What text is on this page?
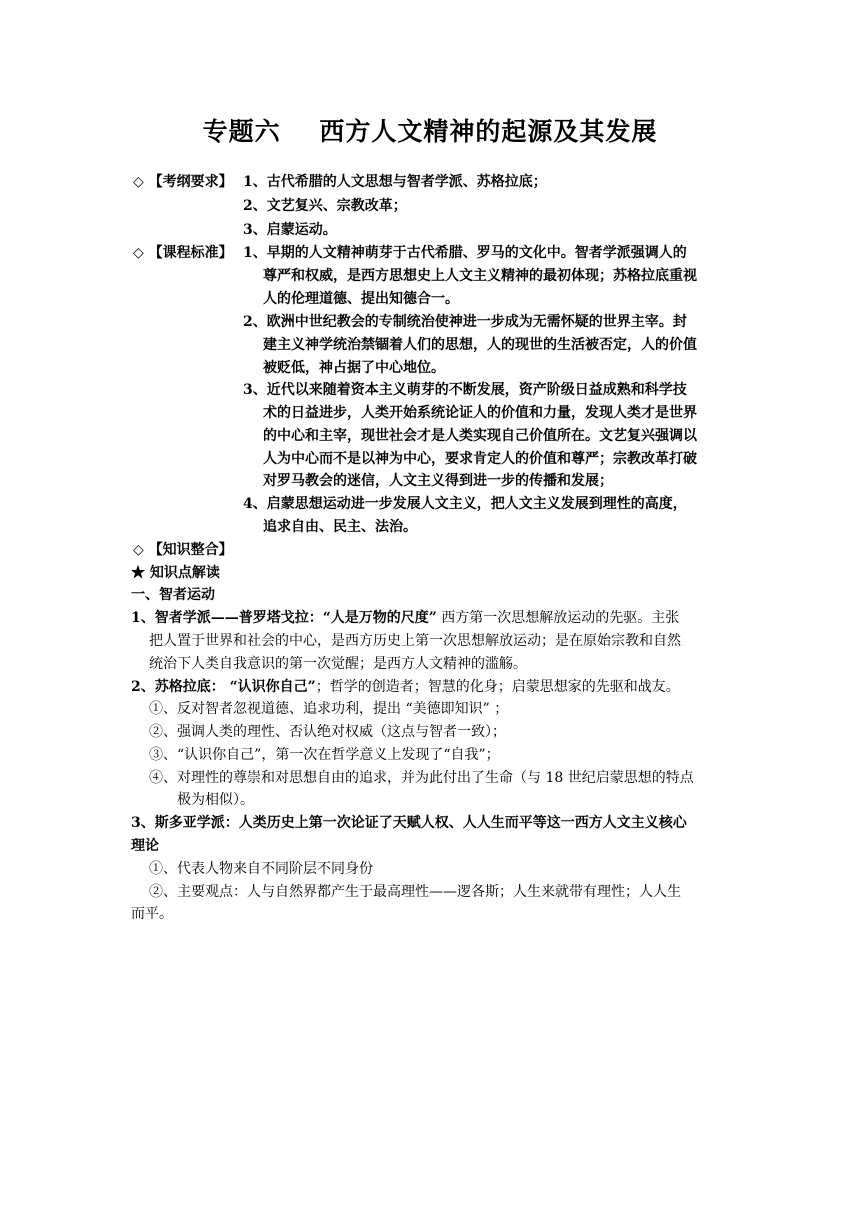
专题六    西方人文精神的起源及其发展
◇ 【考纲要求】 1、古代希腊的人文思想与智者学派、苏格拉底；
2、文艺复兴、宗教改革；
3、启蒙运动。
◇ 【课程标准】 1、早期的人文精神萌芽于古代希腊、罗马的文化中。智者学派强调人的
尊严和权威，是西方思想史上人文主义精神的最初体现；苏格拉底重视
人的伦理道德、提出知德合一。
2、欧洲中世纪教会的专制统治使神进一步成为无需怀疑的世界主宰。封
建主义神学统治禁锢着人们的思想，人的现世的生活被否定，人的价值
被贬低，神占据了中心地位。
3、近代以来随着资本主义萌芽的不断发展，资产阶级日益成熟和科学技
术的日益进步，人类开始系统论证人的价值和力量，发现人类才是世界
的中心和主宰，现世社会才是人类实现自己价值所在。文艺复兴强调以
人为中心而不是以神为中心，要求肯定人的价值和尊严；宗教改革打破
对罗马教会的迷信，人文主义得到进一步的传播和发展；
4、启蒙思想运动进一步发展人文主义，把人文主义发展到理性的高度，
追求自由、民主、法治。
◇ 【知识整合】
★ 知识点解读
一、智者运动
1、智者学派——普罗塔戈拉：“人是万物的尺度” 西方第一次思想解放运动的先驱。主张
把人置于世界和社会的中心，是西方历史上第一次思想解放运动；是在原始宗教和自然
统治下人类自我意识的第一次觉醒；是西方人文精神的滥觞。
2、苏格拉底： “认识你自己”；哲学的创造者；智慧的化身；启蒙思想家的先驱和战友。
①、反对智者忽视道德、追求功利，提出 “美德即知识” ；
②、强调人类的理性、否认绝对权威（这点与智者一致）；
③、“认识你自己”，第一次在哲学意义上发现了“自我”；
④、对理性的尊崇和对思想自由的追求，并为此付出了生命（与 18 世纪启蒙思想的特点
极为相似）。
3、斯多亚学派：人类历史上第一次论证了天赋人权、人人生而平等这一西方人文主义核心
理论
①、代表人物来自不同阶层不同身份
②、主要观点：人与自然界都产生于最高理性——逻各斯；人生来就带有理性；人人生
而平。
